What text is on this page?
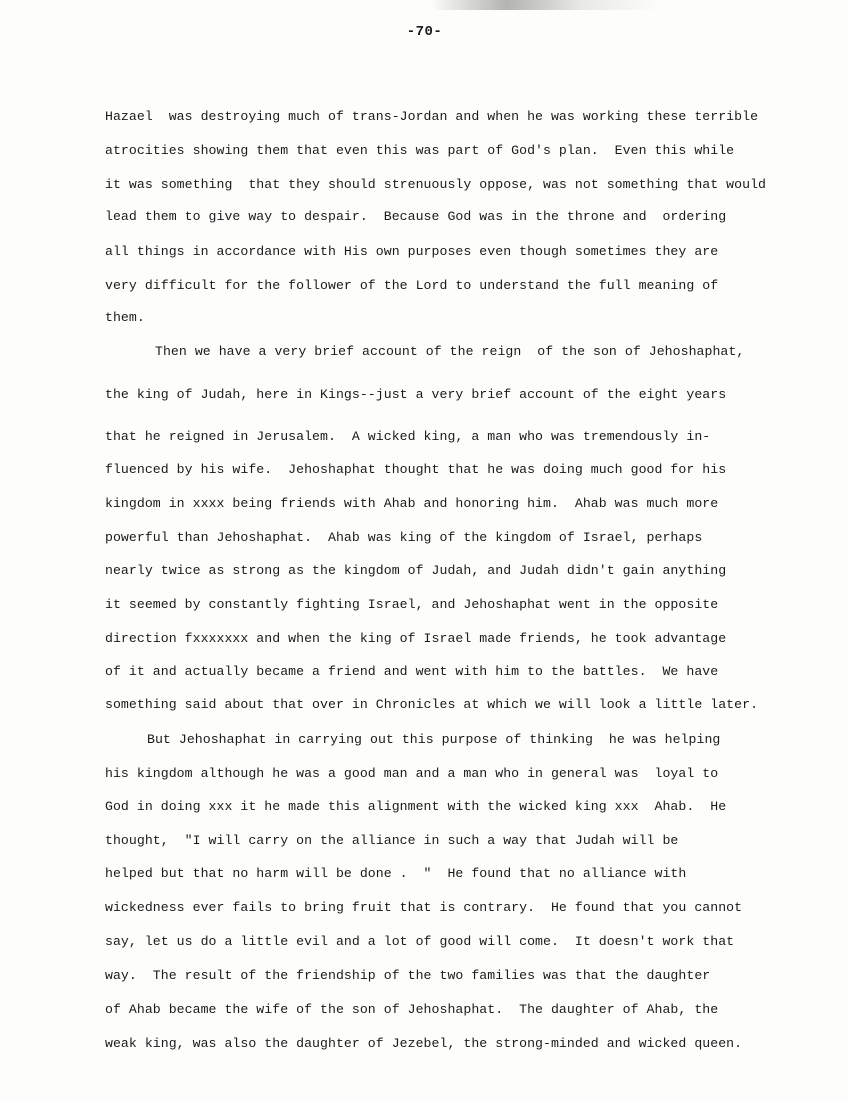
-70-
Hazael  was destroying much of trans-Jordan and when he was working these terrible
atrocities showing them that even this was part of God's plan.  Even this while
it was something  that they should strenuously oppose, was not something that would
lead them to give way to despair.  Because God was in the throne and  ordering
all things in accordance with His own purposes even though sometimes they are
very difficult for the follower of the Lord to understand the full meaning of
them.
Then we have a very brief account of the reign  of the son of Jehoshaphat,
the king of Judah, here in Kings--just a very brief account of the eight years
that he reigned in Jerusalem.  A wicked king, a man who was tremendously in-
fluenced by his wife.  Jehoshaphat thought that he was doing much good for his
kingdom in xxxx being friends with Ahab and honoring him.  Ahab was much more
powerful than Jehoshaphat.  Ahab was king of the kingdom of Israel, perhaps
nearly twice as strong as the kingdom of Judah, and Judah didn't gain anything
it seemed by constantly fighting Israel, and Jehoshaphat went in the opposite
direction fxxxxxxx and when the king of Israel made friends, he took advantage
of it and actually became a friend and went with him to the battles.  We have
something said about that over in Chronicles at which we will look a little later.
But Jehoshaphat in carrying out this purpose of thinking  he was helping
his kingdom although he was a good man and a man who in general was  loyal to
God in doing xxx it he made this alignment with the wicked king xxx  Ahab.  He
thought,  "I will carry on the alliance in such a way that Judah will be
helped but that no harm will be done .  "  He found that no alliance with
wickedness ever fails to bring fruit that is contrary.  He found that you cannot
say, let us do a little evil and a lot of good will come.  It doesn't work that
way.  The result of the friendship of the two families was that the daughter
of Ahab became the wife of the son of Jehoshaphat.  The daughter of Ahab, the
weak king, was also the daughter of Jezebel, the strong-minded and wicked queen.
